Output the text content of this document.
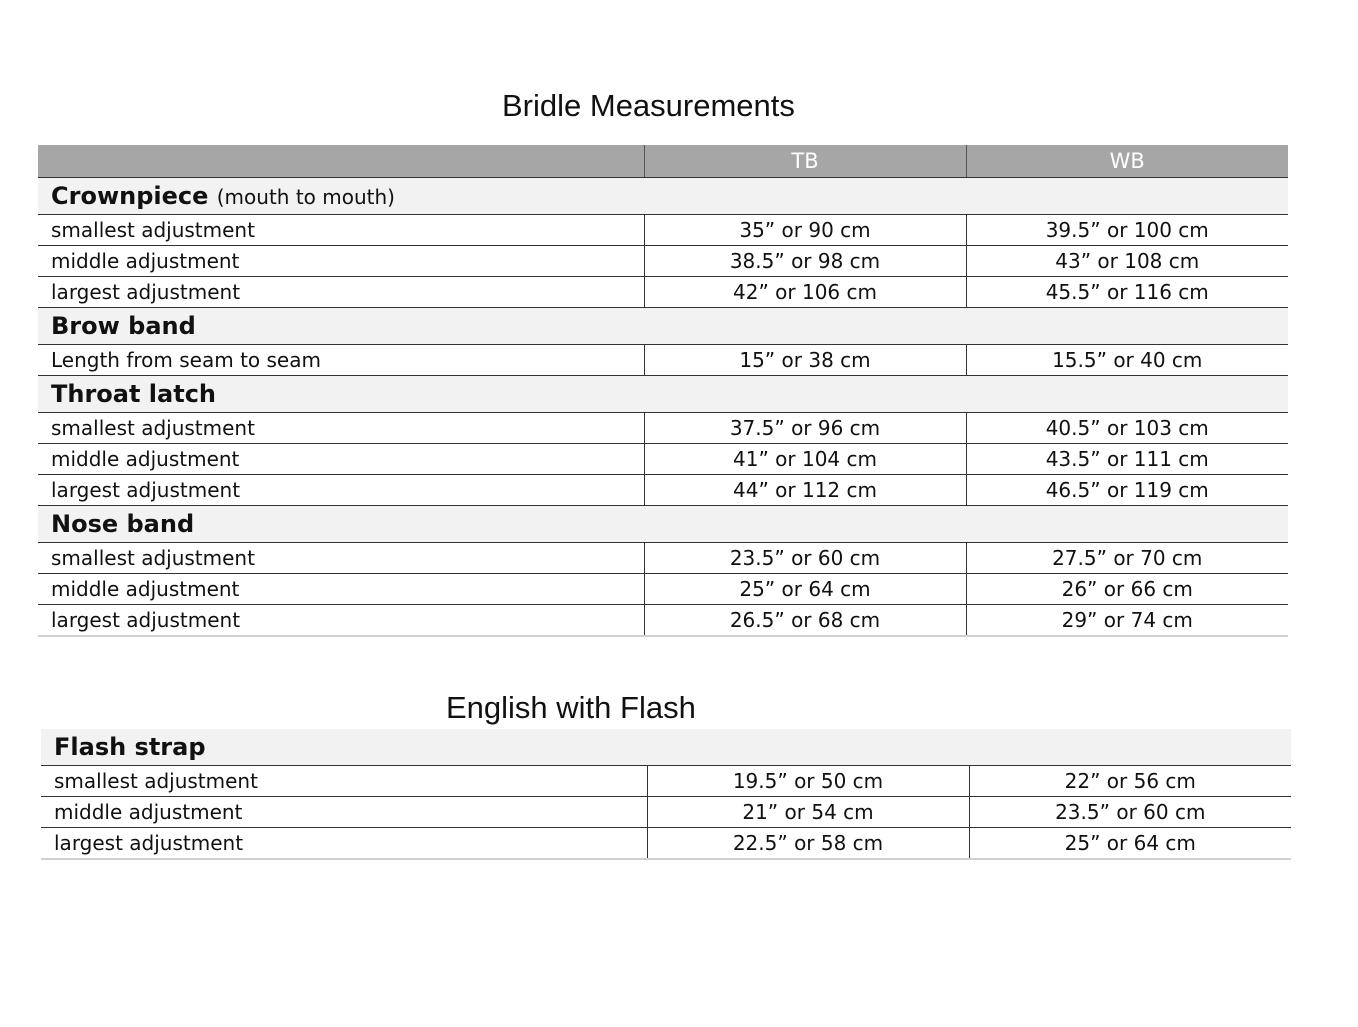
Bridle Measurements
	TB	WB
Crownpiece (mouth to mouth)		
smallest adjustment	35” or 90 cm	39.5” or 100 cm
middle adjustment	38.5” or 98 cm	43” or 108 cm
largest adjustment	42” or 106 cm	45.5” or 116 cm
Brow band		
Length from seam to seam	15” or 38 cm	15.5” or 40 cm
Throat latch		
smallest adjustment	37.5” or 96 cm	40.5” or 103 cm
middle adjustment	41” or 104 cm	43.5” or 111 cm
largest adjustment	44” or 112 cm	46.5” or 119 cm
Nose band		
smallest adjustment	23.5” or 60 cm	27.5” or 70 cm
middle adjustment	25” or 64 cm	26” or 66 cm
largest adjustment	26.5” or 68 cm	29” or 74 cm
English with Flash
Flash strap		
smallest adjustment	19.5” or 50 cm	22” or 56 cm
middle adjustment	21” or 54 cm	23.5” or 60 cm
largest adjustment	22.5” or 58 cm	25” or 64 cm
